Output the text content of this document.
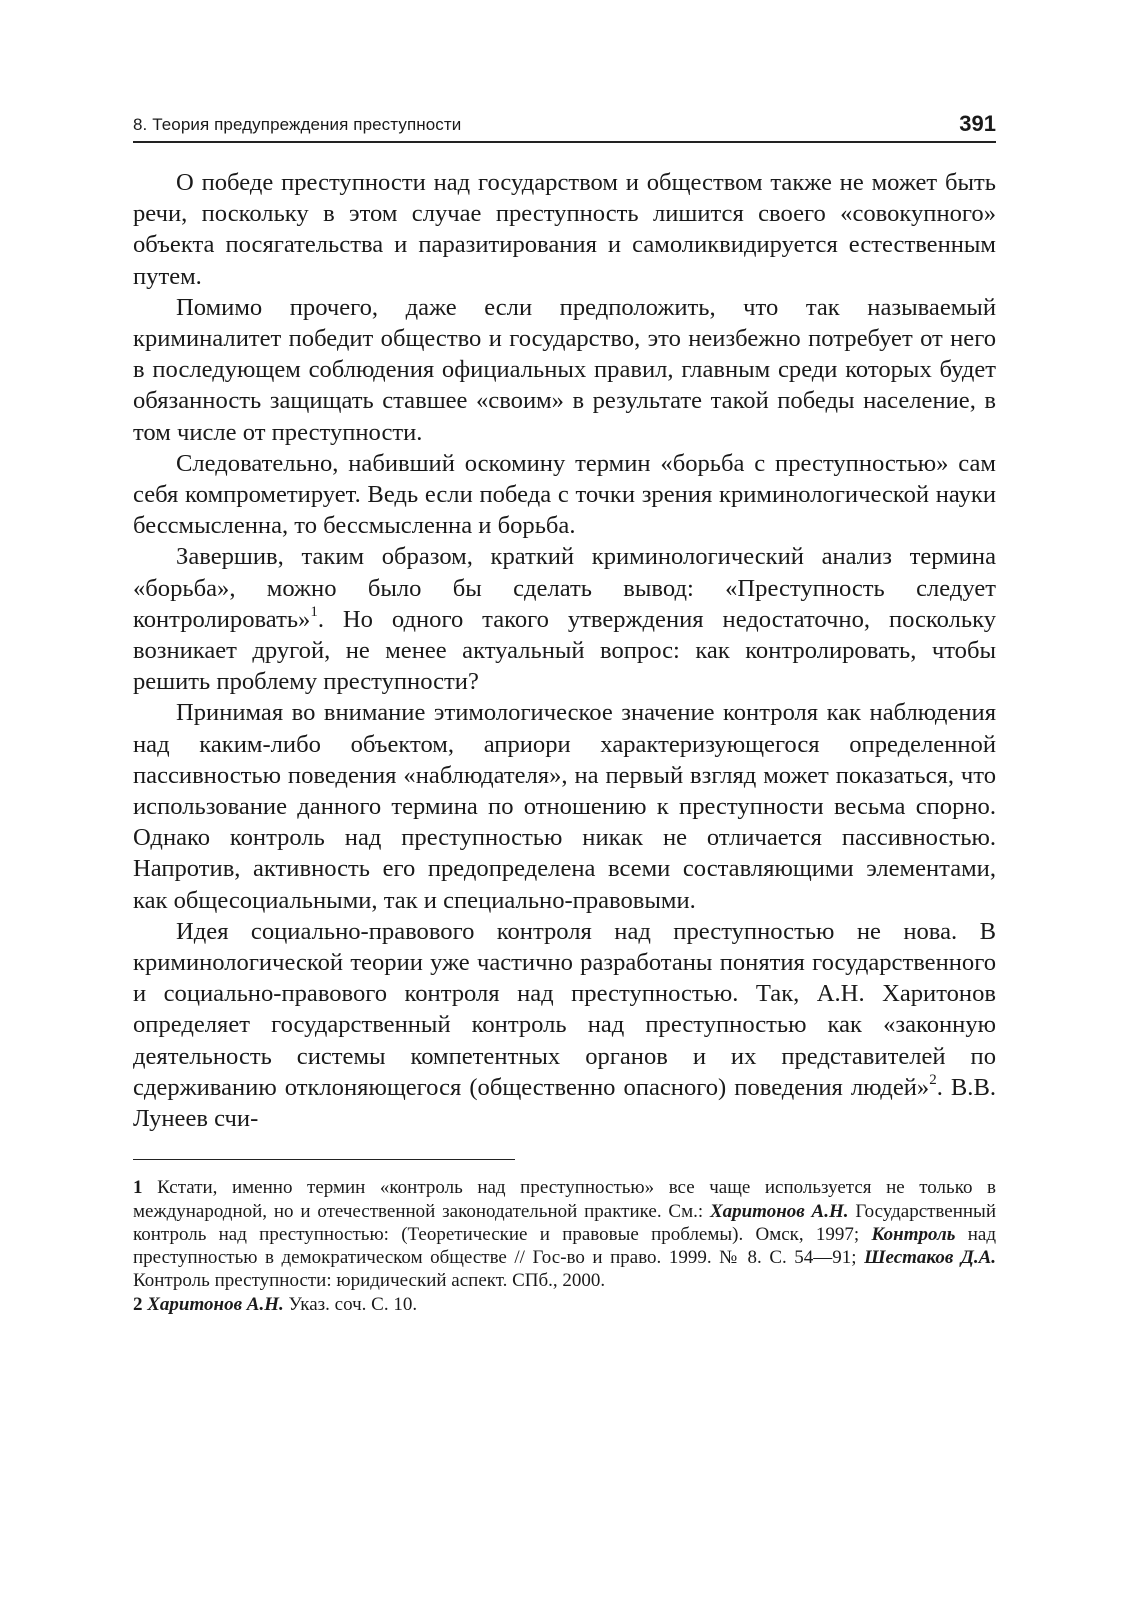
8. Теория предупреждения преступности	391

О победе преступности над государством и обществом также не может быть речи, поскольку в этом случае преступность лишится своего «совокупного» объекта посягательства и паразитирования и самоликвидируется естественным путем.

Помимо прочего, даже если предположить, что так называемый криминалитет победит общество и государство, это неизбежно потребует от него в последующем соблюдения официальных правил, главным среди которых будет обязанность защищать ставшее «своим» в результате такой победы население, в том числе от преступности.

Следовательно, набивший оскомину термин «борьба с преступностью» сам себя компрометирует. Ведь если победа с точки зрения криминологической науки бессмысленна, то бессмысленна и борьба.

Завершив, таким образом, краткий криминологический анализ термина «борьба», можно было бы сделать вывод: «Преступность следует контролировать»$^1$. Но одного такого утверждения недостаточно, поскольку возникает другой, не менее актуальный вопрос: как контролировать, чтобы решить проблему преступности?

Принимая во внимание этимологическое значение контроля как наблюдения над каким-либо объектом, априори характеризующегося определенной пассивностью поведения «наблюдателя», на первый взгляд может показаться, что использование данного термина по отношению к преступности весьма спорно. Однако контроль над преступностью никак не отличается пассивностью. Напротив, активность его предопределена всеми составляющими элементами, как общесоциальными, так и специально-правовыми.

Идея социально-правового контроля над преступностью не нова. В криминологической теории уже частично разработаны понятия государственного и социально-правового контроля над преступностью. Так, А.Н. Харитонов определяет государственный контроль над преступностью как «законную деятельность системы компетентных органов и их представителей по сдерживанию отклоняющегося (общественно опасного) поведения людей»$^2$. В.В. Лунеев счи-

1 Кстати, именно термин «контроль над преступностью» все чаще используется не только в международной, но и отечественной законодательной практике. См.: Харитонов А.Н. Государственный контроль над преступностью: (Теоретические и правовые проблемы). Омск, 1997; Контроль над преступностью в демократическом обществе // Гос-во и право. 1999. № 8. С. 54—91; Шестаков Д.А. Контроль преступности: юридический аспект. СПб., 2000.

2 Харитонов А.Н. Указ. соч. С. 10.
